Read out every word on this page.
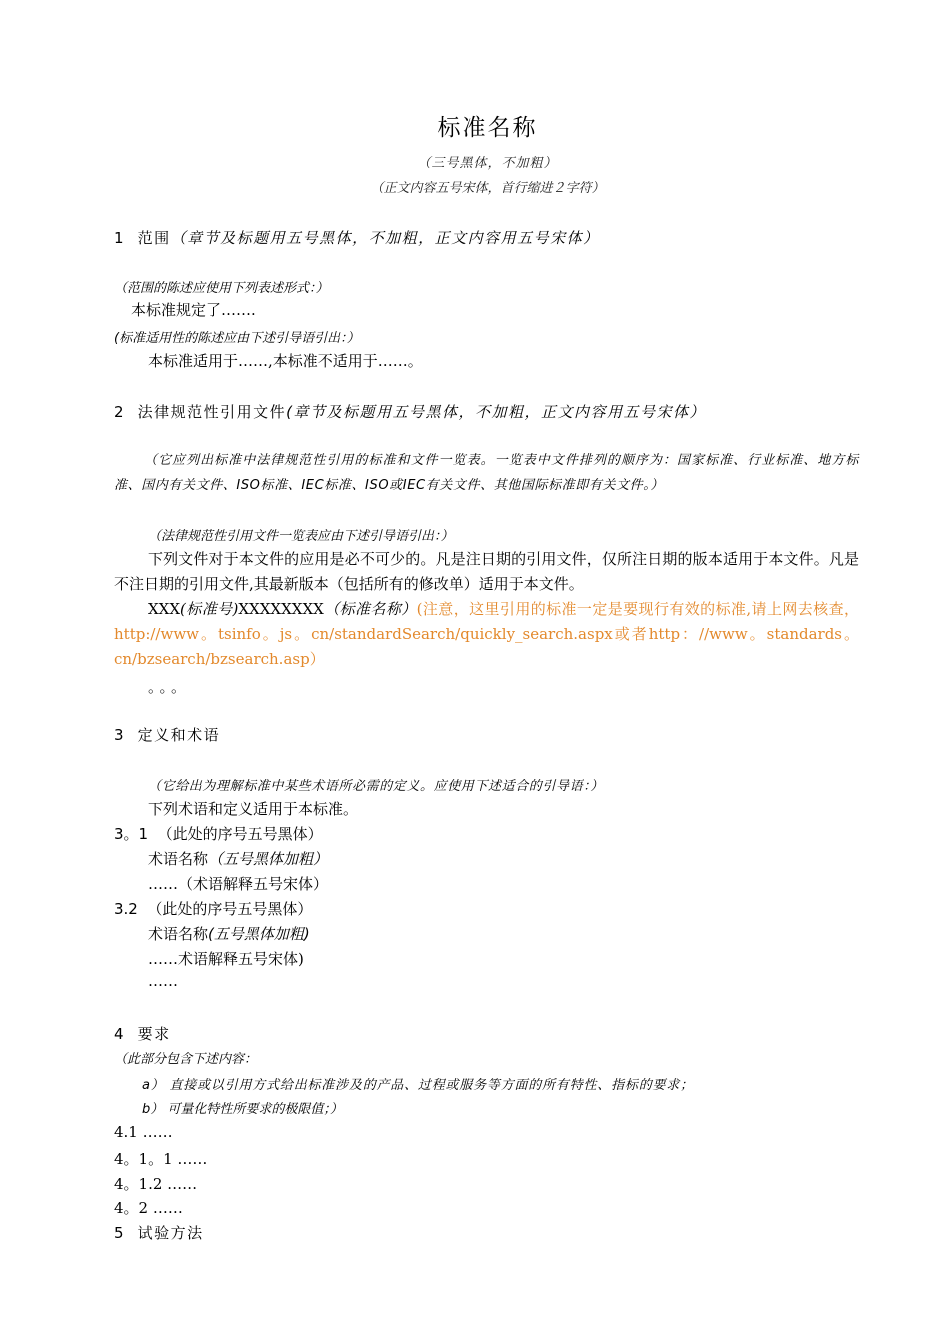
标准名称
（三号黑体，不加粗）
（正文内容五号宋体，首行缩进２字符）
1 范围（章节及标题用五号黑体，不加粗，正文内容用五号宋体）
（范围的陈述应使用下列表述形式：）
本标准规定了…….
(标准适用性的陈述应由下述引导语引出：）
本标准适用于……,本标准不适用于……。
2 法律规范性引用文件(章节及标题用五号黑体，不加粗，正文内容用五号宋体）
（它应列出标准中法律规范性引用的标准和文件一览表。一览表中文件排列的顺序为：国家标准、行业标准、地方标准、国内有关文件、ISO标准、IEC标准、ISO或IEC有关文件、其他国际标准即有关文件。）
（法律规范性引用文件一览表应由下述引导语引出：）
下列文件对于本文件的应用是必不可少的。凡是注日期的引用文件，仅所注日期的版本适用于本文件。凡是不注日期的引用文件,其最新版本（包括所有的修改单）适用于本文件。
XXX(标准号)XXXXXXXX（标准名称）(注意，这里引用的标准一定是要现行有效的标准,请上网去核查，http://www。tsinfo。js。cn/standardSearch/quickly_search.aspx或者http：//www。standards。cn/bzsearch/bzsearch.asp）
。。。
3 定义和术语
（它给出为理解标准中某些术语所必需的定义。应使用下述适合的引导语：）
下列术语和定义适用于本标准。
3。1 （此处的序号五号黑体）
术语名称（五号黑体加粗）
……（术语解释五号宋体）
3.2 （此处的序号五号黑体）
术语名称(五号黑体加粗)
……术语解释五号宋体)
……
4 要求
（此部分包含下述内容：
a） 直接或以引用方式给出标准涉及的产品、过程或服务等方面的所有特性、指标的要求；
b） 可量化特性所要求的极限值；）
4.1 ……
4。1。1 ……
4。1.2 ……
4。2 ……
5 试验方法
